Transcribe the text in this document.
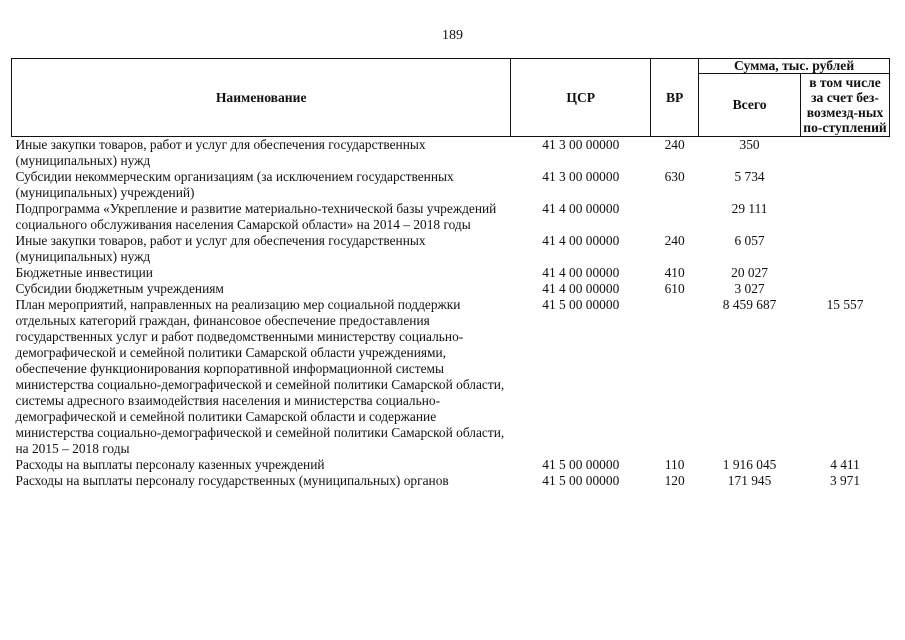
189
Наименование	ЦСР	ВР	Сумма, тыс. рублей	
			Всего	в том числе за счет без-возмезд-ных по-ступлений
Иные закупки товаров, работ и услуг для обеспечения государственных (муниципальных) нужд	41 3 00 00000	240	350	
Субсидии некоммерческим организациям (за исключением государственных (муниципальных) учреждений)	41 3 00 00000	630	5 734	
Подпрограмма «Укрепление и развитие материально-технической базы учреждений социального обслуживания населения Самарской области» на 2014 – 2018 годы	41 4 00 00000		29 111	
Иные закупки товаров, работ и услуг для обеспечения государственных (муниципальных) нужд	41 4 00 00000	240	6 057	
Бюджетные инвестиции	41 4 00 00000	410	20 027	
Субсидии бюджетным учреждениям	41 4 00 00000	610	3 027	
План мероприятий, направленных на реализацию мер социальной поддержки отдельных категорий граждан, финансовое обеспечение предоставления государственных услуг и работ подведомственными министерству социально-демографической и семейной политики Самарской области учреждениями, обеспечение функционирования корпоративной информационной системы министерства социально-демографической и семейной политики Самарской области, системы адресного взаимодействия населения и министерства социально-демографической и семейной политики Самарской области и содержание министерства социально-демографической и семейной политики Самарской области, на 2015 – 2018 годы	41 5 00 00000		8 459 687	15 557
Расходы на выплаты персоналу казенных учреждений	41 5 00 00000	110	1 916 045	4 411
Расходы на выплаты персоналу государственных (муниципальных) органов	41 5 00 00000	120	171 945	3 971
